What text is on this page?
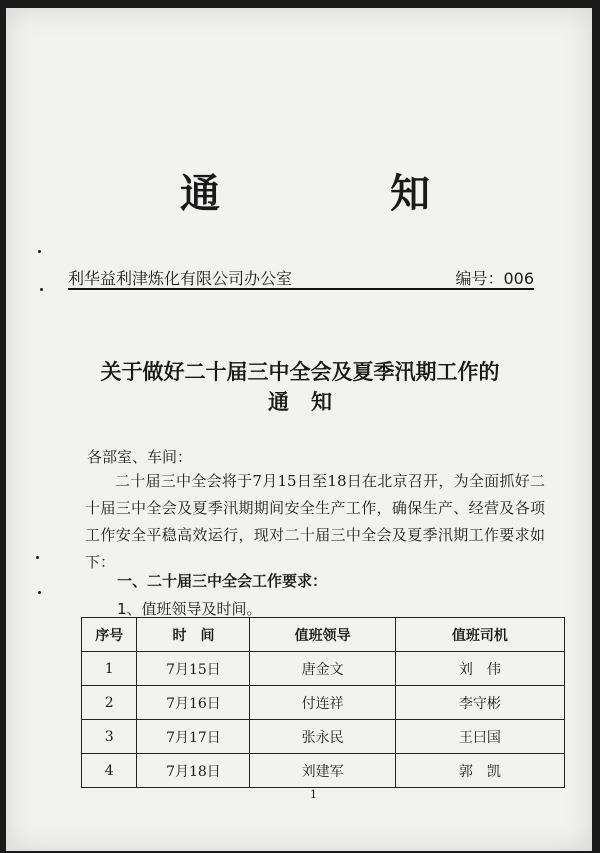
通	知
利华益利津炼化有限公司办公室	编号：006
关于做好二十届三中全会及夏季汛期工作的
通知
各部室、车间：
二十届三中全会将于7月15日至18日在北京召开，为全面抓好二十届三中全会及夏季汛期期间安全生产工作，确保生产、经营及各项工作安全平稳高效运行，现对二十届三中全会及夏季汛期工作要求如下：
一、二十届三中全会工作要求：
1、值班领导及时间。
序号	时　间	值班领导	值班司机
1	7月15日	唐金文	刘　伟
2	7月16日	付连祥	李守彬
3	7月17日	张永民	王曰国
4	7月18日	刘建军	郭　凯
1
